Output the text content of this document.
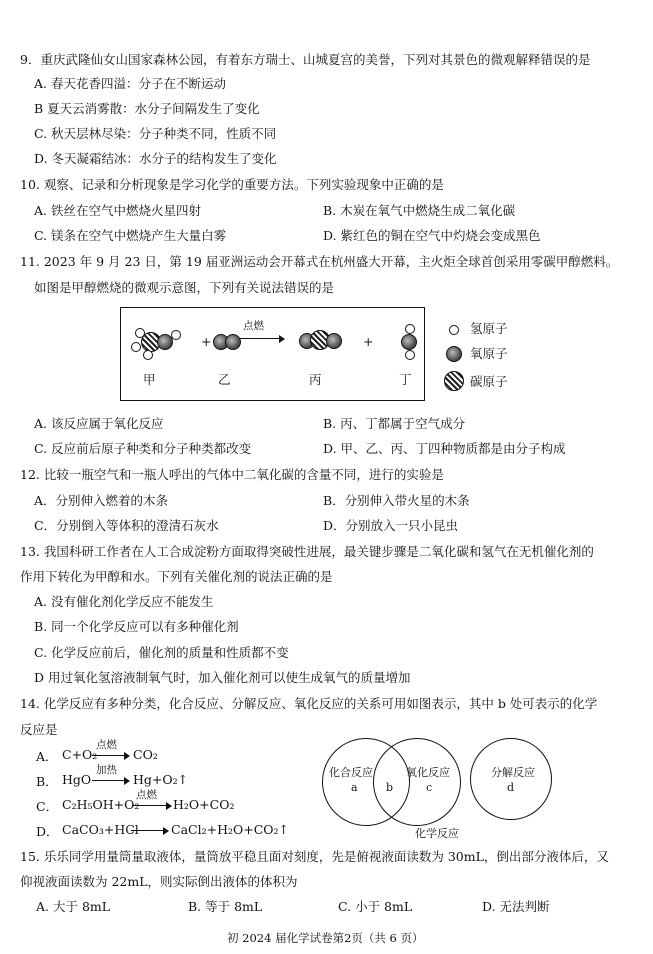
9．重庆武隆仙女山国家森林公园，有着东方瑞士、山城夏宫的美誉，下列对其景色的微观解释错误的是
A. 春天花香四溢：分子在不断运动
B 夏天云消雾散：水分子间隔发生了变化
C. 秋天层林尽染：分子种类不同，性质不同
D. 冬天凝霜结冰：水分子的结构发生了变化
10. 观察、记录和分析现象是学习化学的重要方法。下列实验现象中正确的是
A. 铁丝在空气中燃烧火星四射	B. 木炭在氧气中燃烧生成二氧化碳
C. 镁条在空气中燃烧产生大量白雾	D. 紫红色的铜在空气中灼烧会变成黑色
11. 2023 年 9 月 23 日，第 19 届亚洲运动会开幕式在杭州盛大开幕，主火炬全球首创采用零碳甲醇燃料。
如图是甲醇燃烧的微观示意图，下列有关说法错误的是
+
点燃
+
甲	乙	丙	丁
氢原子
氧原子
碳原子
A. 该反应属于氧化反应	B. 丙、丁都属于空气成分
C. 反应前后原子种类和分子种类都改变	D. 甲、乙、丙、丁四种物质都是由分子构成
12. 比较一瓶空气和一瓶人呼出的气体中二氧化碳的含量不同，进行的实验是
A．分别伸入燃着的木条	B．分别伸入带火星的木条
C．分别倒入等体积的澄清石灰水	D．分别放入一只小昆虫
13. 我国科研工作者在人工合成淀粉方面取得突破性进展，最关键步骤是二氧化碳和氢气在无机催化剂的
作用下转化为甲醇和水。下列有关催化剂的说法正确的是
A. 没有催化剂化学反应不能发生
B. 同一个化学反应可以有多种催化剂
C. 化学反应前后，催化剂的质量和性质都不变
D 用过氧化氢溶液制氧气时，加入催化剂可以使生成氧气的质量增加
14. 化学反应有多种分类，化合反应、分解反应、氧化反应的关系可用如图表示，其中 b 处可表示的化学
反应是
A． C+O₂
点燃
CO₂
B． HgO
加热
Hg+O₂↑
C． C₂H₅OH+O₂
点燃
H₂O+CO₂
D． CaCO₃+HCl	CaCl₂+H₂O+CO₂↑
化合反应
a	b
氧化反应
c
分解反应
d
化学反应
15. 乐乐同学用量筒量取液体，量筒放平稳且面对刻度，先是俯视液面读数为 30mL，倒出部分液体后，又
仰视液面读数为 22mL，则实际倒出液体的体积为
A. 大于 8mL	B. 等于 8mL	C. 小于 8mL	D. 无法判断
初 2024 届化学试卷第2页（共 6 页）
